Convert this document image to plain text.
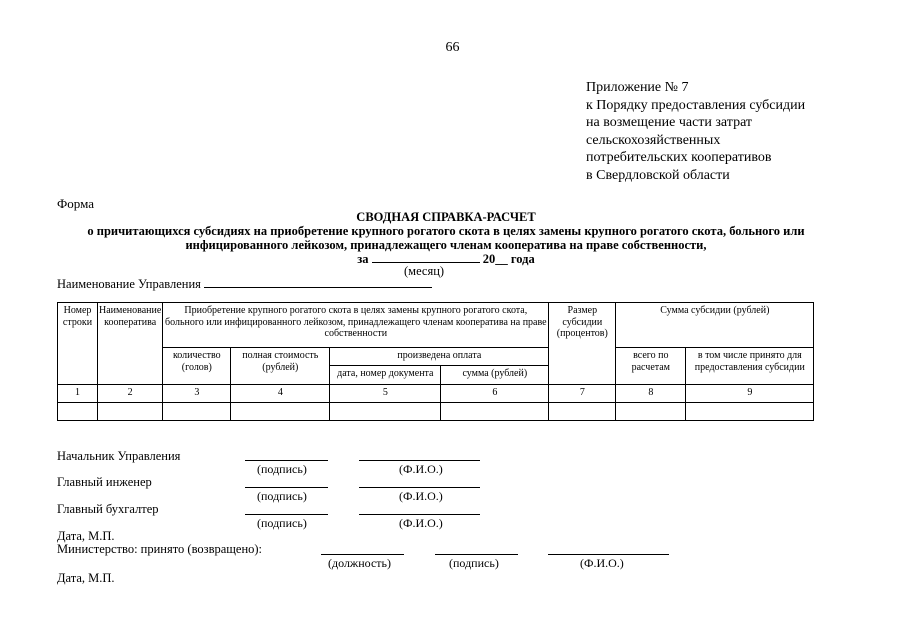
66
Приложение № 7
к Порядку предоставления субсидии
на возмещение части затрат
сельскохозяйственных
потребительских кооперативов
в Свердловской области
Форма
СВОДНАЯ СПРАВКА-РАСЧЕТ
о причитающихся субсидиях на приобретение крупного рогатого скота в целях замены крупного рогатого скота, больного или
инфицированного лейкозом, принадлежащего членам кооператива на праве собственности,
за	20__ года
(месяц)
Наименование Управления
Номер строки	Наименование кооператива	Приобретение крупного рогатого скота в целях замены крупного рогатого скота, больного или инфицированного лейкозом, принадлежащего членам кооператива на праве собственности				Размер субсидии (процентов)	Сумма субсидии (рублей)	
		количество (голов)	полная стоимость (рублей)	произведена оплата			всего по расчетам	в том числе принято для предоставления субсидии
				дата, номер документа	сумма (рублей)			
1	2	3	4	5	6	7	8	9

Начальник Управления
(подпись)	(Ф.И.О.)
Главный инженер
(подпись)	(Ф.И.О.)
Главный бухгалтер
(подпись)	(Ф.И.О.)
Дата, М.П.
Министерство: принято (возвращено):
(должность)	(подпись)	(Ф.И.О.)
Дата, М.П.
